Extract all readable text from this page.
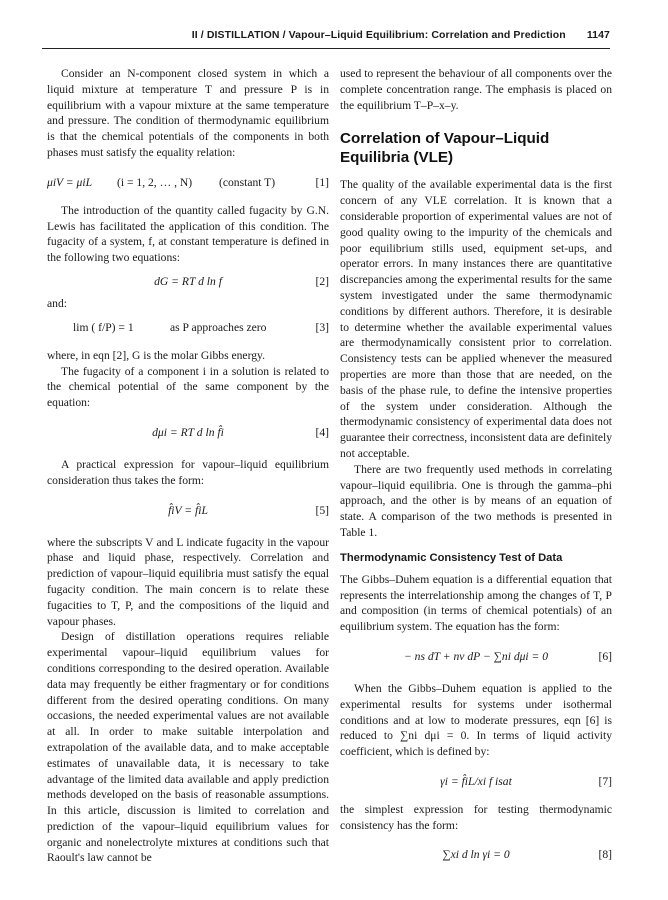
II / DISTILLATION / Vapour–Liquid Equilibrium: Correlation and Prediction 1147

Consider an N-component closed system in which a liquid mixture at temperature T and pressure P is in equilibrium with a vapour mixture at the same temperature and pressure. The condition of thermodynamic equilibrium is that the chemical potentials of the components in both phases must satisfy the equality relation:

μiV = μiL (i = 1, 2, … , N) (constant T)	[1]

The introduction of the quantity called fugacity by G.N. Lewis has facilitated the application of this condition. The fugacity of a system, f, at constant temperature is defined in the following two equations:

dG = RT d ln f	[2]

and:

lim ( f/P) = 1	as P approaches zero	[3]

where, in eqn [2], G is the molar Gibbs energy.

The fugacity of a component i in a solution is related to the chemical potential of the same component by the equation:

dμi = RT d ln f̂i	[4]

A practical expression for vapour–liquid equilibrium consideration thus takes the form:

f̂iV = f̂iL	[5]

where the subscripts V and L indicate fugacity in the vapour phase and liquid phase, respectively. Correlation and prediction of vapour–liquid equilibria must satisfy the equal fugacity condition. The main concern is to relate these fugacities to T, P, and the compositions of the liquid and vapour phases.

Design of distillation operations requires reliable experimental vapour–liquid equilibrium values for conditions corresponding to the desired operation. Available data may frequently be either fragmentary or for conditions different from the desired operating conditions. On many occasions, the needed experimental values are not available at all. In order to make suitable interpolation and extrapolation of the available data, and to make acceptable estimates of unavailable data, it is necessary to take advantage of the limited data available and apply prediction methods developed on the basis of reasonable assumptions. In this article, discussion is limited to correlation and prediction of the vapour–liquid equilibrium values for organic and nonelectrolyte mixtures at conditions such that Raoult's law cannot be

used to represent the behaviour of all components over the complete concentration range. The emphasis is placed on the equilibrium T–P–x–y.

Correlation of Vapour–Liquid Equilibria (VLE)

The quality of the available experimental data is the first concern of any VLE correlation. It is known that a considerable proportion of experimental values are not of good quality owing to the impurity of the chemicals and poor equilibrium stills used, equipment set-ups, and operator errors. In many instances there are quantitative discrepancies among the experimental results for the same system investigated under the same thermodynamic conditions by different authors. Therefore, it is desirable to determine whether the available experimental values are thermodynamically consistent prior to correlation. Consistency tests can be applied whenever the measured properties are more than those that are needed, on the basis of the phase rule, to define the intensive properties of the system under consideration. Although the thermodynamic consistency of experimental data does not guarantee their correctness, inconsistent data are definitely not acceptable.

There are two frequently used methods in correlating vapour–liquid equilibria. One is through the gamma–phi approach, and the other is by means of an equation of state. A comparison of the two methods is presented in Table 1.

Thermodynamic Consistency Test of Data

The Gibbs–Duhem equation is a differential equation that represents the interrelationship among the changes of T, P and composition (in terms of chemical potentials) of an equilibrium system. The equation has the form:

− ns dT + nv dP − ∑ni dμi = 0	[6]

When the Gibbs–Duhem equation is applied to the experimental results for systems under isothermal conditions and at low to moderate pressures, eqn [6] is reduced to ∑ni dμi = 0. In terms of liquid activity coefficient, which is defined by:

γi = f̂iL/xi f isat	[7]

the simplest expression for testing thermodynamic consistency has the form:

∑xi d ln γi = 0	[8]
